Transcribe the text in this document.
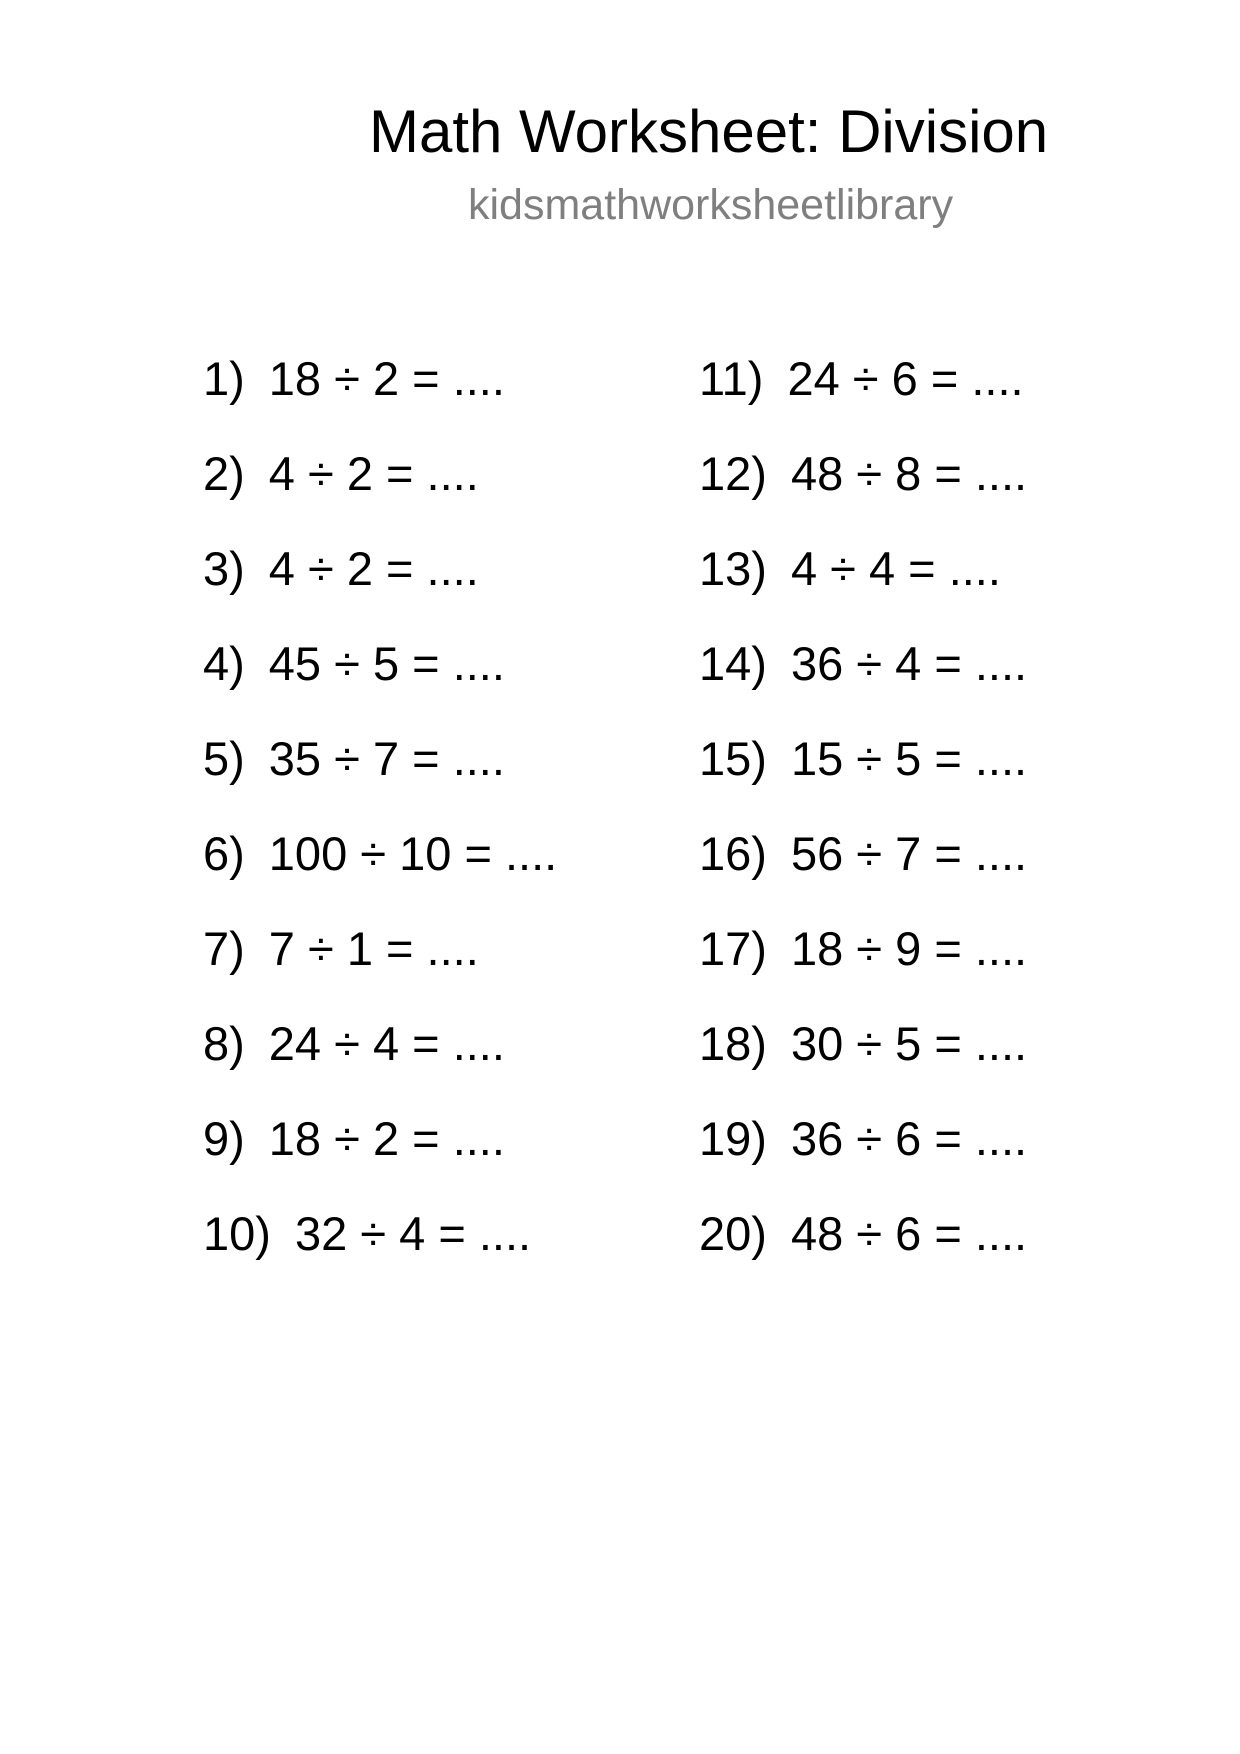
Math Worksheet: Division
kidsmathworksheetlibrary
1) 18 ÷ 2 = ....
2) 4 ÷ 2 = ....
3) 4 ÷ 2 = ....
4) 45 ÷ 5 = ....
5) 35 ÷ 7 = ....
6) 100 ÷ 10 = ....
7) 7 ÷ 1 = ....
8) 24 ÷ 4 = ....
9) 18 ÷ 2 = ....
10) 32 ÷ 4 = ....
11) 24 ÷ 6 = ....
12) 48 ÷ 8 = ....
13) 4 ÷ 4 = ....
14) 36 ÷ 4 = ....
15) 15 ÷ 5 = ....
16) 56 ÷ 7 = ....
17) 18 ÷ 9 = ....
18) 30 ÷ 5 = ....
19) 36 ÷ 6 = ....
20) 48 ÷ 6 = ....
